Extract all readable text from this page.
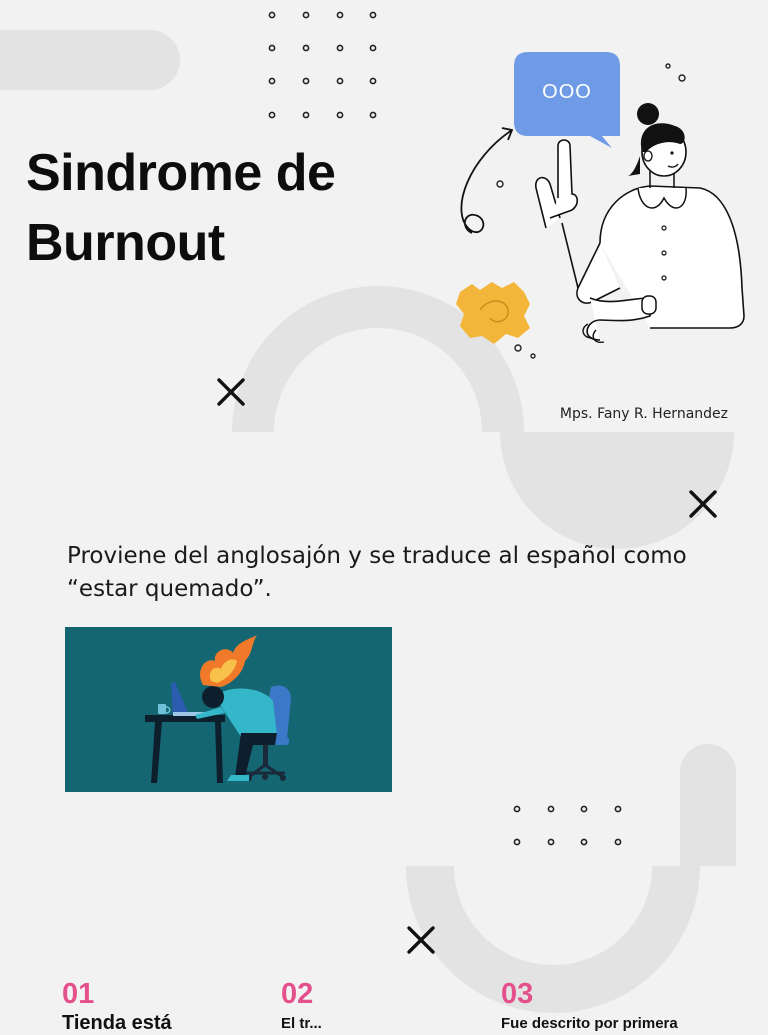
Sindrome de
Burnout
OOO
Mps. Fany R. Hernandez

Proviene del anglosajón y se traduce al español como “estar quemado”.

01
Tienda está
02
El tr...
03
Fue descrito por primera
